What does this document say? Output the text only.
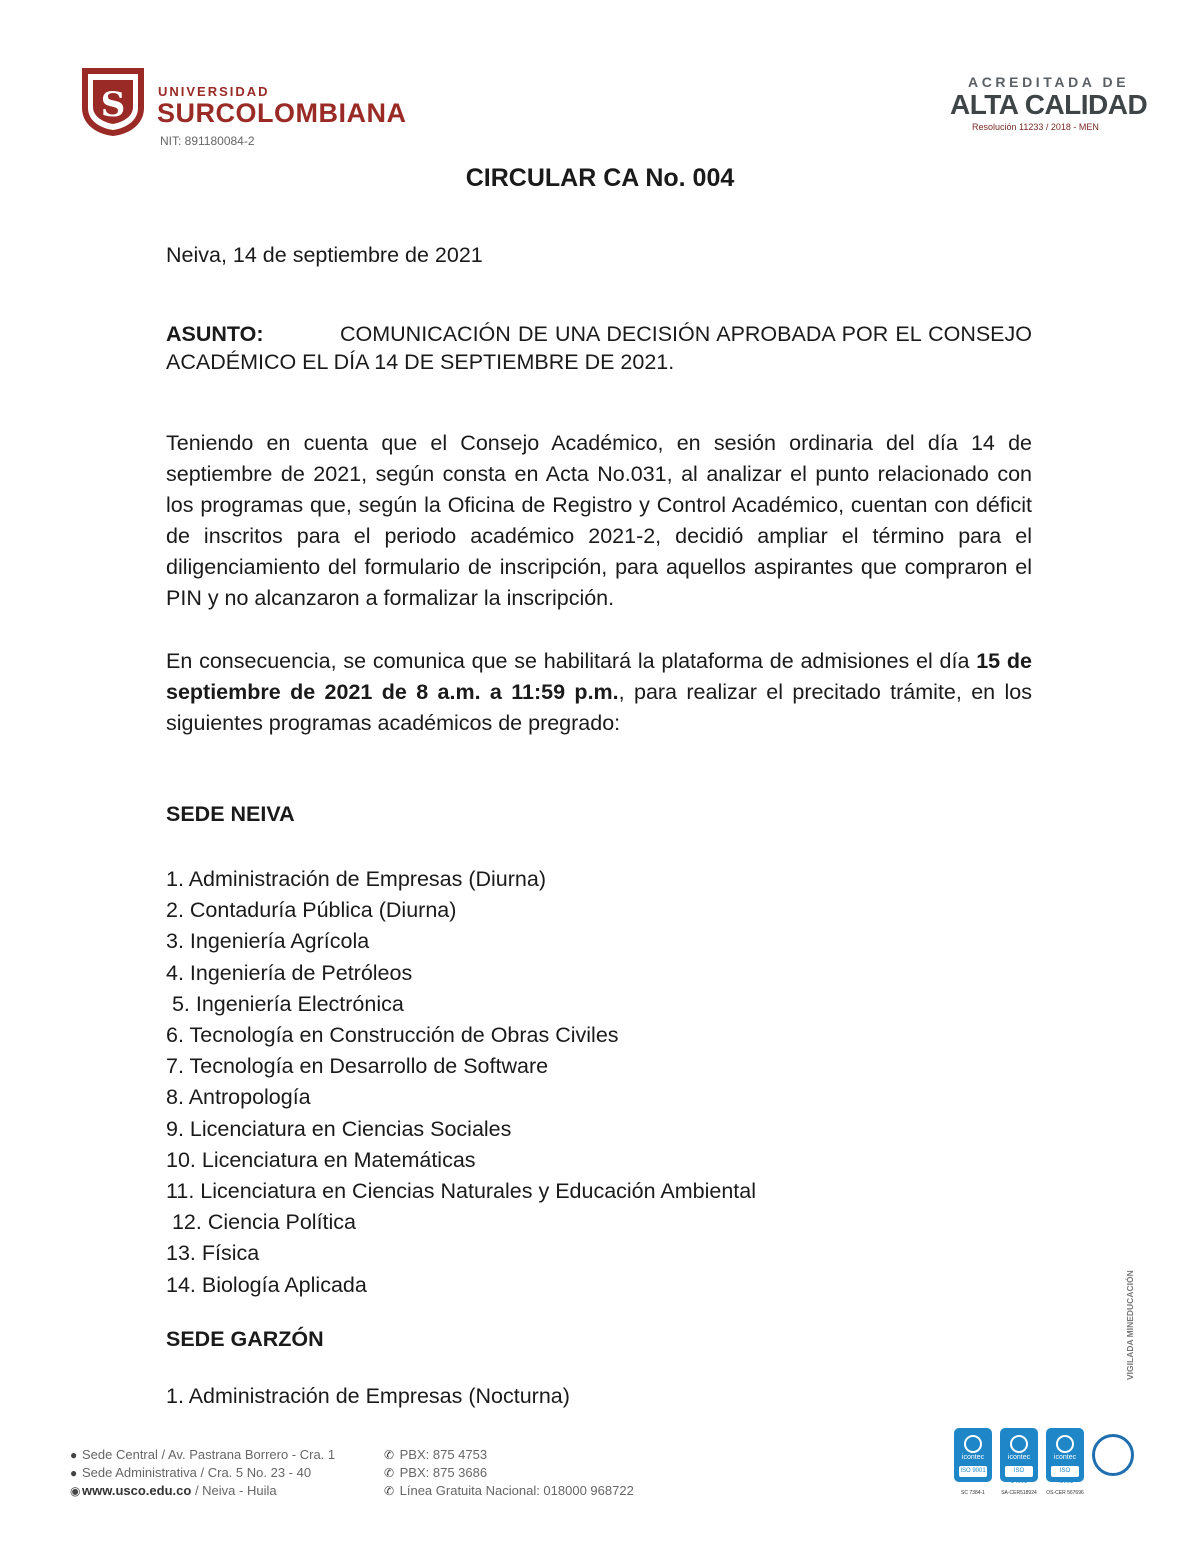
S	UNIVERSIDAD
SURCOLOMBIANA
NIT: 891180084-2
ACREDITADA DE
ALTA CALIDAD
Resolución 11233 / 2018 - MEN
CIRCULAR CA No. 004
Neiva, 14 de septiembre de 2021
ASUNTO:	COMUNICACIÓN DE UNA DECISIÓN APROBADA POR EL CONSEJO ACADÉMICO EL DÍA 14 DE SEPTIEMBRE DE 2021.
Teniendo en cuenta que el Consejo Académico, en sesión ordinaria del día 14 de septiembre de 2021, según consta en Acta No.031, al analizar el punto relacionado con los programas que, según la Oficina de Registro y Control Académico, cuentan con déficit de inscritos para el periodo académico 2021-2, decidió ampliar el término para el diligenciamiento del formulario de inscripción, para aquellos aspirantes que compraron el PIN y no alcanzaron a formalizar la inscripción.
En consecuencia, se comunica que se habilitará la plataforma de admisiones el día 15 de septiembre de 2021 de 8 a.m. a 11:59 p.m., para realizar el precitado trámite, en los siguientes programas académicos de pregrado:
SEDE NEIVA
1. Administración de Empresas (Diurna)
2. Contaduría Pública (Diurna)
3. Ingeniería Agrícola
4. Ingeniería de Petróleos
5. Ingeniería Electrónica
6. Tecnología en Construcción de Obras Civiles
7. Tecnología en Desarrollo de Software
8. Antropología
9. Licenciatura en Ciencias Sociales
10. Licenciatura en Matemáticas
11. Licenciatura en Ciencias Naturales y Educación Ambiental
12. Ciencia Política
13. Física
14. Biología Aplicada
SEDE GARZÓN
1. Administración de Empresas (Nocturna)
VIGILADA MINEDUCACIÓN
● Sede Central / Av. Pastrana Borrero - Cra. 1
● Sede Administrativa / Cra. 5 No. 23 - 40
◉ www.usco.edu.co / Neiva - Huila
✆ PBX: 875 4753
✆ PBX: 875 3686
✆ Línea Gratuita Nacional: 018000 968722
icontec
ISO 9001
icontec
ISO 14001
icontec
ISO 45001
SC 7384-1	SA-CER518924	OS-CER 567696
